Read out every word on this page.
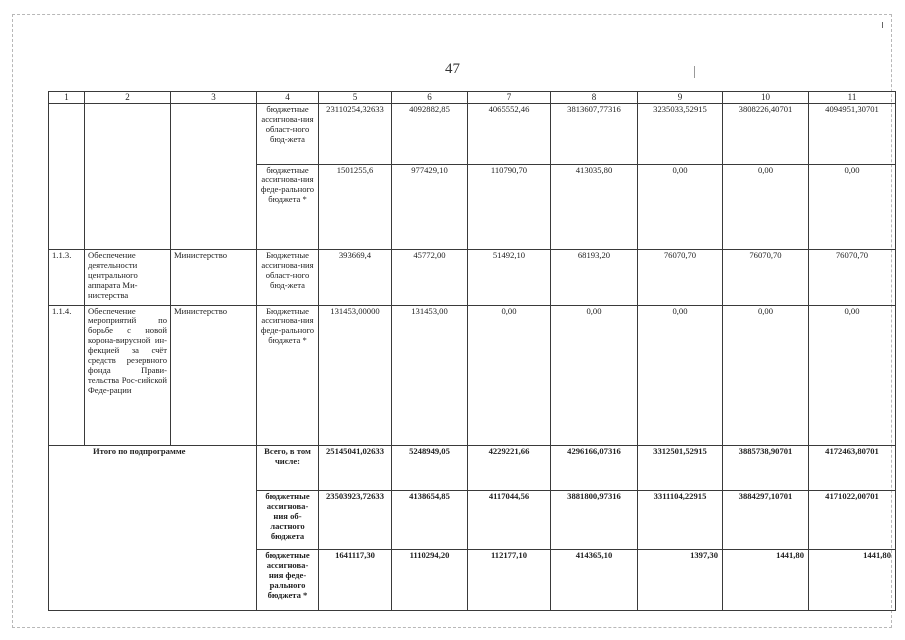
47
1	2	3	4	5	6	7	8	9	10	11
			бюджетные ассигнова-ния област-ного бюд-жета	23110254,32633	4092882,85	4065552,46	3813607,77316	3235033,52915	3808226,40701	4094951,30701
			бюджетные ассигнова-ния феде-рального бюджета *	1501255,6	977429,10	110790,70	413035,80	0,00	0,00	0,00
1.1.3.	Обеспечение деятельности центрального аппарата Ми-нистерства	Министерство	Бюджетные ассигнова-ния област-ного бюд-жета	393669,4	45772,00	51492,10	68193,20	76070,70	76070,70	76070,70
1.1.4.	Обеспечение мероприятий по борьбе с новой корона-вирусной ин-фекцией за счёт средств резервного фонда Прави-тельства Рос-сийской Феде-рации	Министерство	Бюджетные ассигнова-ния феде-рального бюджета *	131453,00000	131453,00	0,00	0,00	0,00	0,00	0,00
Итого по подпрограмме			Всего, в том числе:	25145041,02633	5248949,05	4229221,66	4296166,07316	3312501,52915	3885738,90701	4172463,80701
			бюджетные ассигнова-ния об-ластного бюджета	23503923,72633	4138654,85	4117044,56	3881800,97316	3311104,22915	3884297,10701	4171022,00701
			бюджетные ассигнова-ния феде-рального бюджета *	1641117,30	1110294,20	112177,10	414365,10	1397,30	1441,80	1441,80
